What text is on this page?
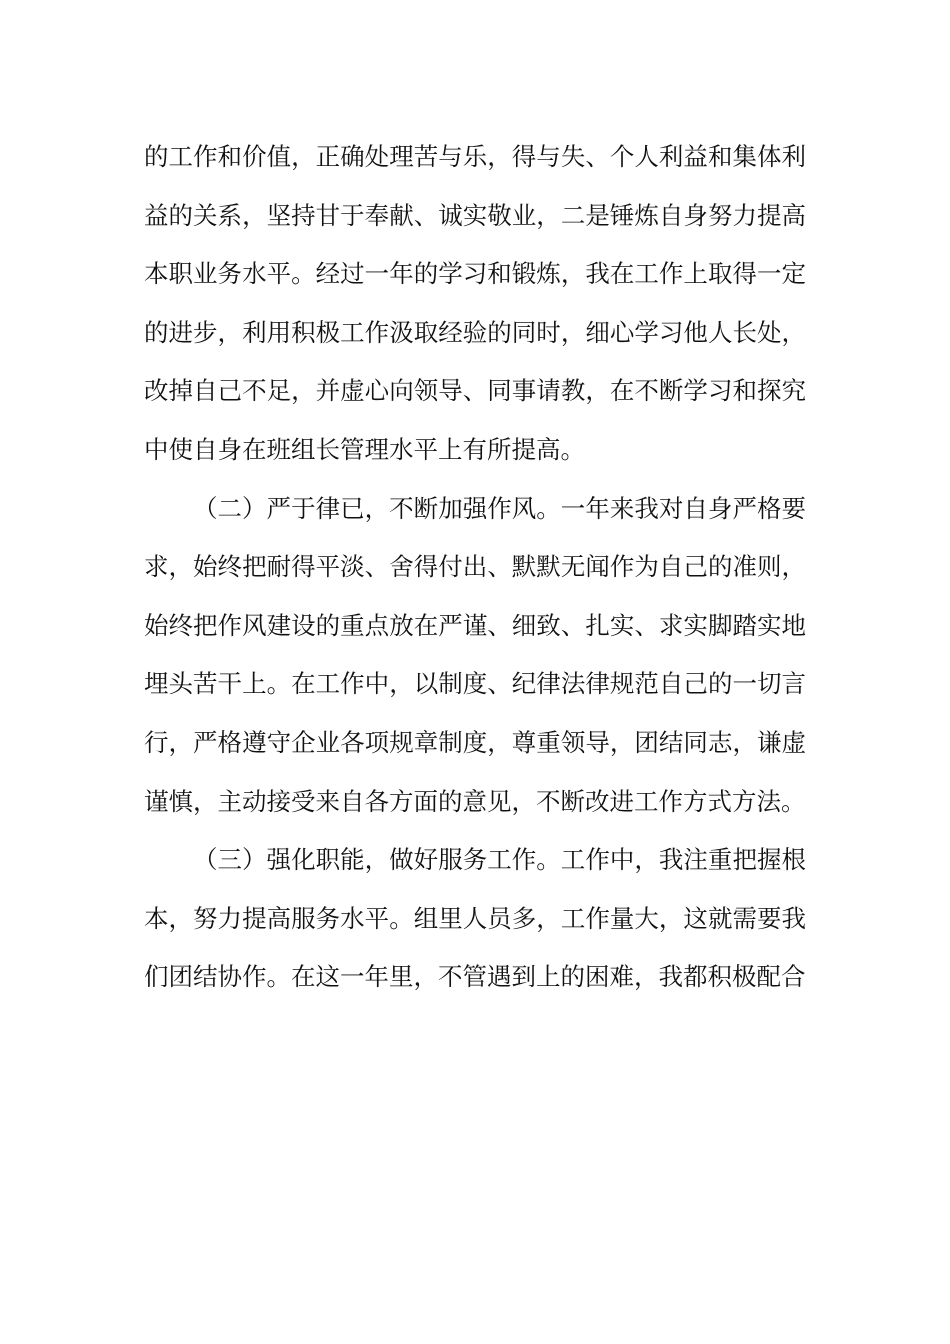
的工作和价值，正确处理苦与乐，得与失、个人利益和集体利益的关系，坚持甘于奉献、诚实敬业，二是锤炼自身努力提高本职业务水平。经过一年的学习和锻炼，我在工作上取得一定的进步，利用积极工作汲取经验的同时，细心学习他人长处，改掉自己不足，并虚心向领导、同事请教，在不断学习和探究中使自身在班组长管理水平上有所提高。

（二）严于律已，不断加强作风。一年来我对自身严格要求，始终把耐得平淡、舍得付出、默默无闻作为自己的准则，始终把作风建设的重点放在严谨、细致、扎实、求实脚踏实地埋头苦干上。在工作中，以制度、纪律法律规范自己的一切言行，严格遵守企业各项规章制度，尊重领导，团结同志，谦虚谨慎，主动接受来自各方面的意见，不断改进工作方式方法。

（三）强化职能，做好服务工作。工作中，我注重把握根本，努力提高服务水平。组里人员多，工作量大，这就需要我们团结协作。在这一年里，不管遇到上的困难，我都积极配合
